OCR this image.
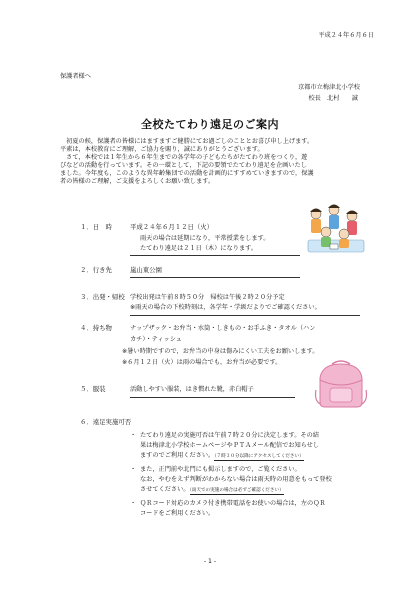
平成２４年６月６日
保護者様へ
京都市立梅津北小学校
校長　北村　　誠
全校たてわり遠足のご案内

　初夏の候，保護者の皆様にはますますご健勝にてお過ごしのこととお喜び申し上げます。

平素は，本校教育にご理解，ご協力を賜り，誠にありがとうございます。

　さて，本校では１年生から６年生までの各学年の子どもたちがたてわり班をつくり，遊

びなどの活動を行っています。その一環として，下記の要領でたてわり遠足を企画いたし

ました。今年度も，このような異年齢集団での活動を計画的にすすめていきますので，保護

者の皆様のご理解，ご支援をよろしくお願い致します。

１．日　時	平成２４年６月１２日（火）
雨天の場合は延期になり，平常授業をします。
たてわり遠足は２１日（木）になります。
２．行き先	嵐山東公園
３．出発・帰校 学校出発は午前８時５０分　帰校は午後２時２０分予定
※雨天の場合の下校時刻は，各学年・学級だよりでご確認ください。
４．持ち物	ナップザック・お弁当・水筒・しきもの・お手ふき・タオル（ハン
カチ）・ティッシュ
※暑い時期ですので，お弁当の中身は傷みにくい工夫をお願いします。
※６月１２日（火）は雨の場合でも，お弁当が必要です。
５．服装	活動しやすい服装，はき慣れた靴，赤白帽子
６．遠足実施可否
・ たてわり遠足の実施可否は午前７時２０分に決定します。その結
果は梅津北小学校ホームページやＰＴＡメール配信でお知らせし
ますのでご利用ください。（７時３０分以降にアクセスしてください）
・ また，正門前や北門にも掲示しますので，ご覧ください。
なお，やむをえず判断がわからない場合は雨天時の用意をもって登校
させてください。（雨天での実施の場合は必ずご確認ください）
・ ＱＲコード対応のカメラ付き携帯電話をお使いの場合は，左のＱＲ
コードをご利用ください。
- 1 -
